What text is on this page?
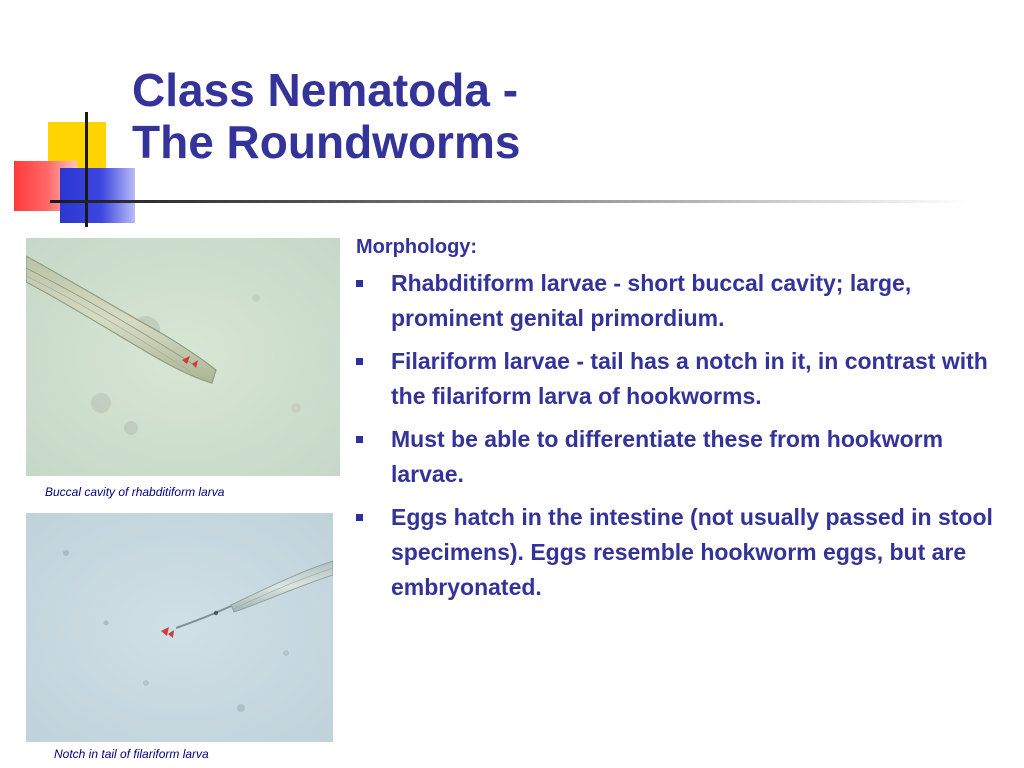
Class Nematoda -
The Roundworms
Buccal cavity of rhabditiform larva
Notch in tail of filariform larva

Morphology:

Rhabditiform larvae - short buccal cavity; large, prominent genital primordium.
Filariform larvae - tail has a notch in it, in contrast with the filariform larva of hookworms.
Must be able to differentiate these from hookworm larvae.
Eggs hatch in the intestine (not usually passed in stool specimens). Eggs resemble hookworm eggs, but are embryonated.
